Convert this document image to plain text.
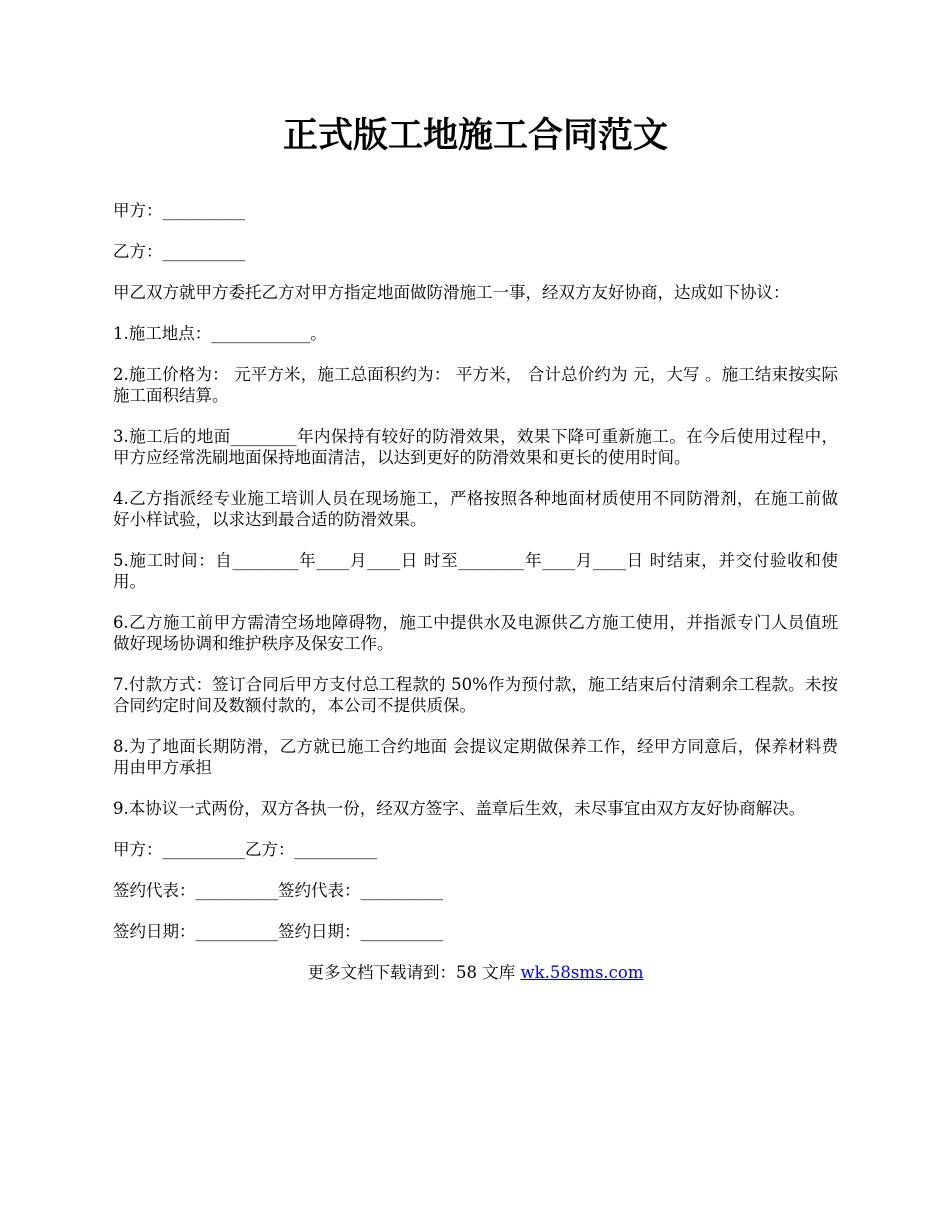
正式版工地施工合同范文

甲方：__________

乙方：__________

甲乙双方就甲方委托乙方对甲方指定地面做防滑施工一事，经双方友好协商，达成如下协议：

1.施工地点：____________。

2.施工价格为： 元平方米，施工总面积约为： 平方米， 合计总价约为 元，大写 。施工结束按实际施工面积结算。

3.施工后的地面________年内保持有较好的防滑效果，效果下降可重新施工。在今后使用过程中，甲方应经常洗刷地面保持地面清洁，以达到更好的防滑效果和更长的使用时间。

4.乙方指派经专业施工培训人员在现场施工，严格按照各种地面材质使用不同防滑剂，在施工前做好小样试验，以求达到最合适的防滑效果。

5.施工时间：自________年____月____日 时至________年____月____日 时结束，并交付验收和使用。

6.乙方施工前甲方需清空场地障碍物，施工中提供水及电源供乙方施工使用，并指派专门人员值班做好现场协调和维护秩序及保安工作。

7.付款方式：签订合同后甲方支付总工程款的 50%作为预付款，施工结束后付清剩余工程款。未按合同约定时间及数额付款的，本公司不提供质保。

8.为了地面长期防滑，乙方就已施工合约地面 会提议定期做保养工作，经甲方同意后，保养材料费用由甲方承担

9.本协议一式两份，双方各执一份，经双方签字、盖章后生效，未尽事宜由双方友好协商解决。

甲方：__________乙方：__________

签约代表：__________签约代表：__________

签约日期：__________签约日期：__________

更多文档下载请到：58 文库 wk.58sms.com
